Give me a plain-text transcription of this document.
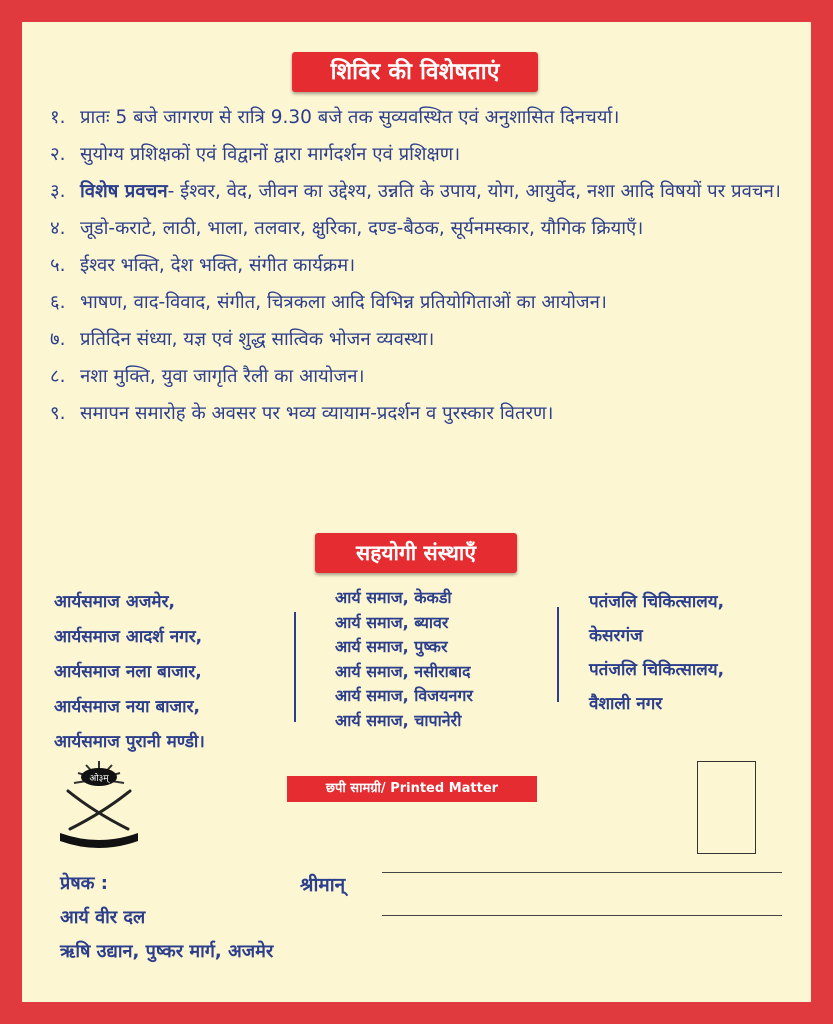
शिविर की विशेषताएं
१. प्रातः 5 बजे जागरण से रात्रि 9.30 बजे तक सुव्यवस्थित एवं अनुशासित दिनचर्या।
२. सुयोग्य प्रशिक्षकों एवं विद्वानों द्वारा मार्गदर्शन एवं प्रशिक्षण।
३. विशेष प्रवचन- ईश्वर, वेद, जीवन का उद्देश्य, उन्नति के उपाय, योग, आयुर्वेद, नशा आदि विषयों पर प्रवचन।
४. जूडो-कराटे, लाठी, भाला, तलवार, क्षुरिका, दण्ड-बैठक, सूर्यनमस्कार, यौगिक क्रियाएँ।
५. ईश्वर भक्ति, देश भक्ति, संगीत कार्यक्रम।
६. भाषण, वाद-विवाद, संगीत, चित्रकला आदि विभिन्न प्रतियोगिताओं का आयोजन।
७. प्रतिदिन संध्या, यज्ञ एवं शुद्ध सात्विक भोजन व्यवस्था।
८. नशा मुक्ति, युवा जागृति रैली का आयोजन।
९. समापन समारोह के अवसर पर भव्य व्यायाम-प्रदर्शन व पुरस्कार वितरण।
सहयोगी संस्थाएँ
आर्यसमाज अजमेर,
आर्यसमाज आदर्श नगर,
आर्यसमाज नला बाजार,
आर्यसमाज नया बाजार,
आर्यसमाज पुरानी मण्डी।
आर्य समाज, केकडी
आर्य समाज, ब्यावर
आर्य समाज, पुष्कर
आर्य समाज, नसीराबाद
आर्य समाज, विजयनगर
आर्य समाज, चापानेरी
पतंजलि चिकित्सालय,
केसरगंज
पतंजलि चिकित्सालय,
वैशाली नगर
ओ३म्
छपी सामग्री/ Printed Matter
प्रेषक :
आर्य वीर दल
ऋषि उद्यान, पुष्कर मार्ग, अजमेर
श्रीमान्
